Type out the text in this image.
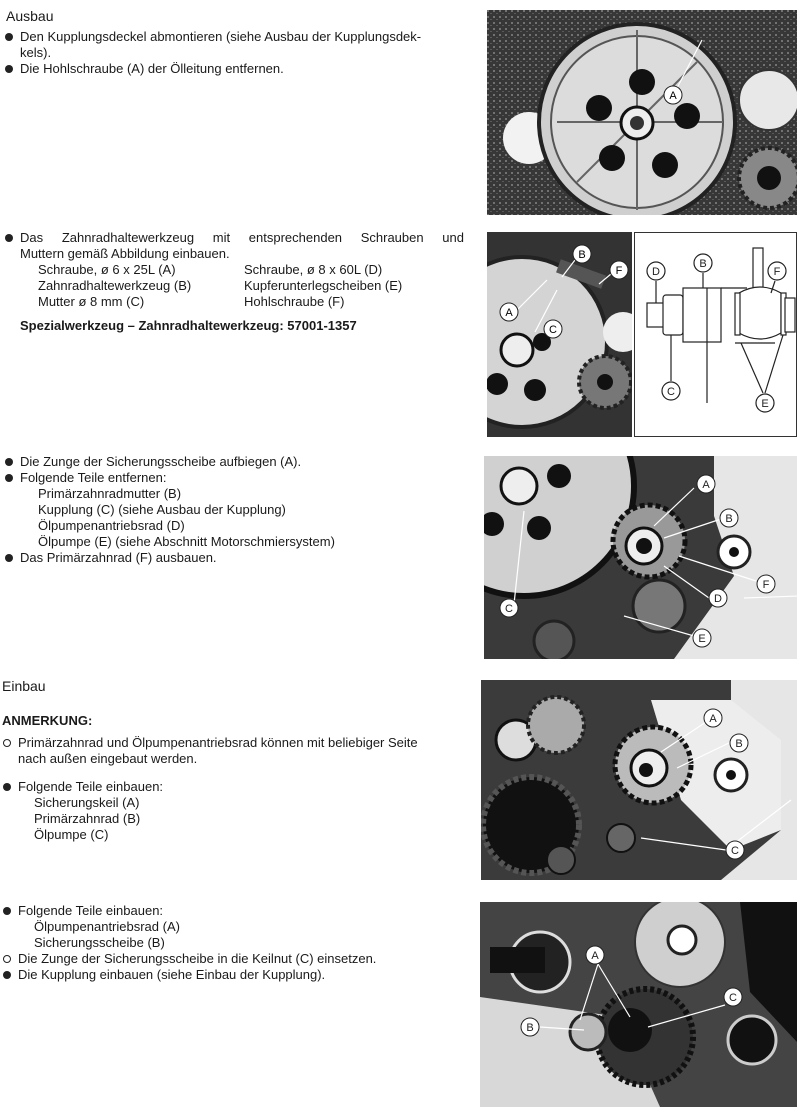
Ausbau
Den Kupplungsdeckel abmontieren (siehe Ausbau der Kupplungsdek-
kels).
Die Hohlschraube (A) der Ölleitung entfernen.
Das Zahnradhaltewerkzeug mit entsprechenden Schrauben und
Muttern gemäß Abbildung einbauen.
Schraube, ø 6 x 25L (A)
Zahnradhaltewerkzeug (B)
Mutter ø 8 mm (C)
Schraube, ø 8 x 60L (D)
Kupferunterlegscheiben (E)
Hohlschraube (F)
Spezialwerkzeug – Zahnradhaltewerkzeug: 57001-1357
Die Zunge der Sicherungsscheibe aufbiegen (A).
Folgende Teile entfernen:
Primärzahnradmutter (B)
Kupplung (C) (siehe Ausbau der Kupplung)
Ölpumpenantriebsrad (D)
Ölpumpe (E) (siehe Abschnitt Motorschmiersystem)
Das Primärzahnrad (F) ausbauen.
Einbau
ANMERKUNG:
Primärzahnrad und Ölpumpenantriebsrad können mit beliebiger Seite
nach außen eingebaut werden.
Folgende Teile einbauen:
Sicherungskeil (A)
Primärzahnrad (B)
Ölpumpe (C)
Folgende Teile einbauen:
Ölpumpenantriebsrad (A)
Sicherungsscheibe (B)
Die Zunge der Sicherungsscheibe in die Keilnut (C) einsetzen.
Die Kupplung einbauen (siehe Einbau der Kupplung).
A
B
F
A
C
D
B
F
C
E
A
B
F
D
C
E
A
B
C
A
C
B
